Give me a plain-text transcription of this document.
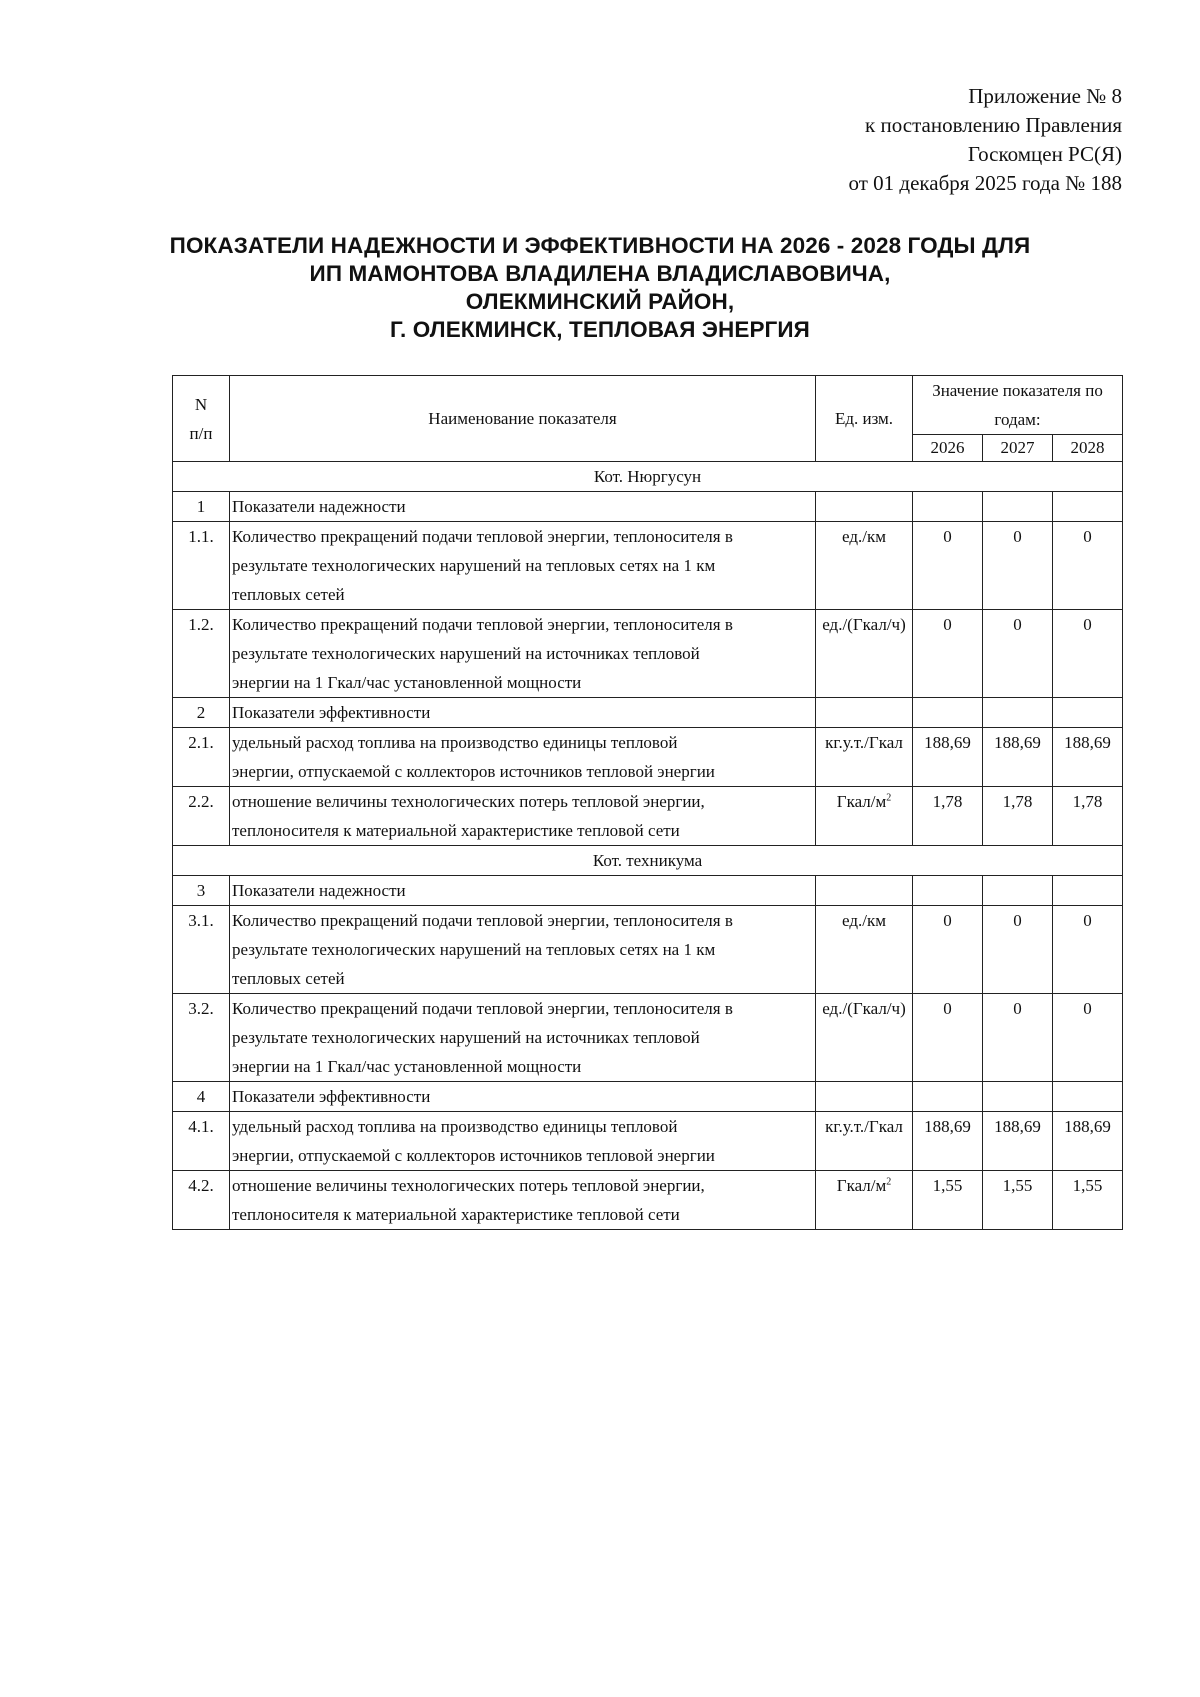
Приложение № 8
к постановлению Правления
Госкомцен РС(Я)
от 01 декабря 2025 года № 188
ПОКАЗАТЕЛИ НАДЕЖНОСТИ И ЭФФЕКТИВНОСТИ НА 2026 - 2028 ГОДЫ ДЛЯ
ИП МАМОНТОВА ВЛАДИЛЕНА ВЛАДИСЛАВОВИЧА,
ОЛЕКМИНСКИЙ РАЙОН,
Г. ОЛЕКМИНСК, ТЕПЛОВАЯ ЭНЕРГИЯ
N
п/п	Наименование показателя	Ед. изм.	Значение показателя по годам:		
			2026	2027	2028
Кот. Нюргусун					
1	Показатели надежности				
1.1.	Количество прекращений подачи тепловой энергии, теплоносителя в
результате технологических нарушений на тепловых сетях на 1 км
тепловых сетей	ед./км	0	0	0
1.2.	Количество прекращений подачи тепловой энергии, теплоносителя в
результате технологических нарушений на источниках тепловой
энергии на 1 Гкал/час установленной мощности	ед./(Гкал/ч)	0	0	0
2	Показатели эффективности				
2.1.	удельный расход топлива на производство единицы тепловой
энергии, отпускаемой с коллекторов источников тепловой энергии	кг.у.т./Гкал	188,69	188,69	188,69
2.2.	отношение величины технологических потерь тепловой энергии,
теплоносителя к материальной характеристике тепловой сети	Гкал/$м^2$	1,78	1,78	1,78
Кот. техникума					
3	Показатели надежности				
3.1.	Количество прекращений подачи тепловой энергии, теплоносителя в
результате технологических нарушений на тепловых сетях на 1 км
тепловых сетей	ед./км	0	0	0
3.2.	Количество прекращений подачи тепловой энергии, теплоносителя в
результате технологических нарушений на источниках тепловой
энергии на 1 Гкал/час установленной мощности	ед./(Гкал/ч)	0	0	0
4	Показатели эффективности				
4.1.	удельный расход топлива на производство единицы тепловой
энергии, отпускаемой с коллекторов источников тепловой энергии	кг.у.т./Гкал	188,69	188,69	188,69
4.2.	отношение величины технологических потерь тепловой энергии,
теплоносителя к материальной характеристике тепловой сети	Гкал/$м^2$	1,55	1,55	1,55
